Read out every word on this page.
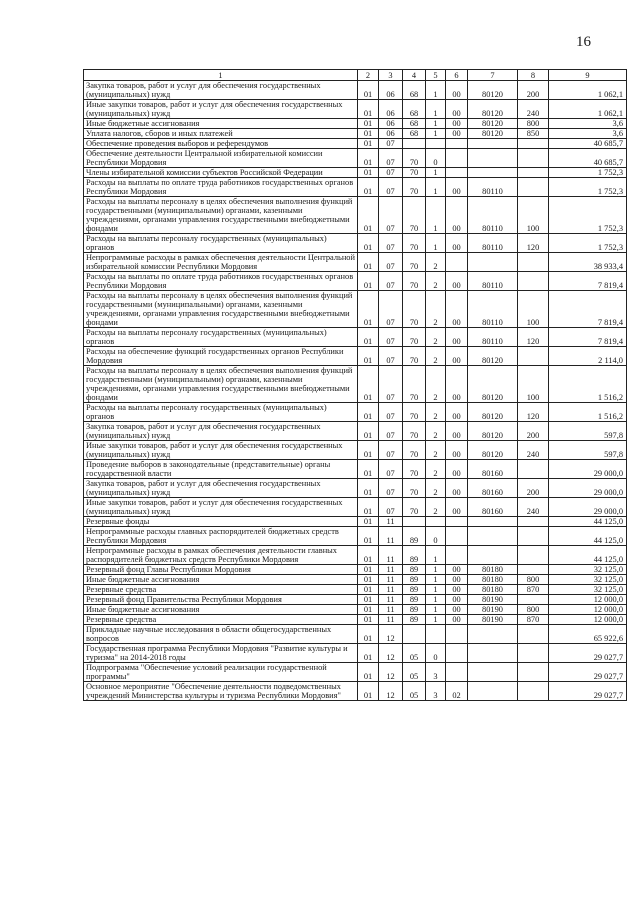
16
1	2	3	4	5	6	7	8	9
Закупка товаров, работ и услуг для обеспечения государственных (муниципальных) нужд	01	06	68	1	00	80120	200	1 062,1
Иные закупки товаров, работ и услуг для обеспечения государственных (муниципальных) нужд	01	06	68	1	00	80120	240	1 062,1
Иные бюджетные ассигнования	01	06	68	1	00	80120	800	3,6
Уплата налогов, сборов и иных платежей	01	06	68	1	00	80120	850	3,6
Обеспечение проведения выборов и референдумов	01	07						40 685,7
Обеспечение деятельности Центральной избирательной комиссии Республики Мордовия	01	07	70	0				40 685,7
Члены избирательной комиссии субъектов Российской Федерации	01	07	70	1				1 752,3
Расходы на выплаты по оплате труда работников государственных органов Республики Мордовия	01	07	70	1	00	80110		1 752,3
Расходы на выплаты персоналу в целях обеспечения выполнения функций государственными (муниципальными) органами, казенными учреждениями, органами управления государственными внебюджетными фондами	01	07	70	1	00	80110	100	1 752,3
Расходы на выплаты персоналу государственных (муниципальных) органов	01	07	70	1	00	80110	120	1 752,3
Непрограммные расходы в рамках обеспечения деятельности Центральной избирательной комиссии Республики Мордовия	01	07	70	2				38 933,4
Расходы на выплаты по оплате труда работников государственных органов Республики Мордовия	01	07	70	2	00	80110		7 819,4
Расходы на выплаты персоналу в целях обеспечения выполнения функций государственными (муниципальными) органами, казенными учреждениями, органами управления государственными внебюджетными фондами	01	07	70	2	00	80110	100	7 819,4
Расходы на выплаты персоналу государственных (муниципальных) органов	01	07	70	2	00	80110	120	7 819,4
Расходы на обеспечение функций государственных органов Республики Мордовия	01	07	70	2	00	80120		2 114,0
Расходы на выплаты персоналу в целях обеспечения выполнения функций государственными (муниципальными) органами, казенными учреждениями, органами управления государственными внебюджетными фондами	01	07	70	2	00	80120	100	1 516,2
Расходы на выплаты персоналу государственных (муниципальных) органов	01	07	70	2	00	80120	120	1 516,2
Закупка товаров, работ и услуг для обеспечения государственных (муниципальных) нужд	01	07	70	2	00	80120	200	597,8
Иные закупки товаров, работ и услуг для обеспечения государственных (муниципальных) нужд	01	07	70	2	00	80120	240	597,8
Проведение выборов в законодательные (представительные) органы государственной власти	01	07	70	2	00	80160		29 000,0
Закупка товаров, работ и услуг для обеспечения государственных (муниципальных) нужд	01	07	70	2	00	80160	200	29 000,0
Иные закупки товаров, работ и услуг для обеспечения государственных (муниципальных) нужд	01	07	70	2	00	80160	240	29 000,0
Резервные фонды	01	11						44 125,0
Непрограммные расходы главных распорядителей бюджетных средств Республики Мордовия	01	11	89	0				44 125,0
Непрограммные расходы в рамках обеспечения деятельности главных распорядителей бюджетных средств Республики Мордовия	01	11	89	1				44 125,0
Резервный фонд Главы Республики Мордовия	01	11	89	1	00	80180		32 125,0
Иные бюджетные ассигнования	01	11	89	1	00	80180	800	32 125,0
Резервные средства	01	11	89	1	00	80180	870	32 125,0
Резервный фонд Правительства Республики Мордовия	01	11	89	1	00	80190		12 000,0
Иные бюджетные ассигнования	01	11	89	1	00	80190	800	12 000,0
Резервные средства	01	11	89	1	00	80190	870	12 000,0
Прикладные научные исследования в области общегосударственных вопросов	01	12						65 922,6
Государственная программа Республики Мордовия "Развитие культуры и туризма" на 2014-2018 годы	01	12	05	0				29 027,7
Подпрограмма "Обеспечение условий реализации государственной программы"	01	12	05	3				29 027,7
Основное мероприятие "Обеспечение деятельности подведомственных учреждений Министерства культуры и туризма Республики Мордовия"	01	12	05	3	02			29 027,7
